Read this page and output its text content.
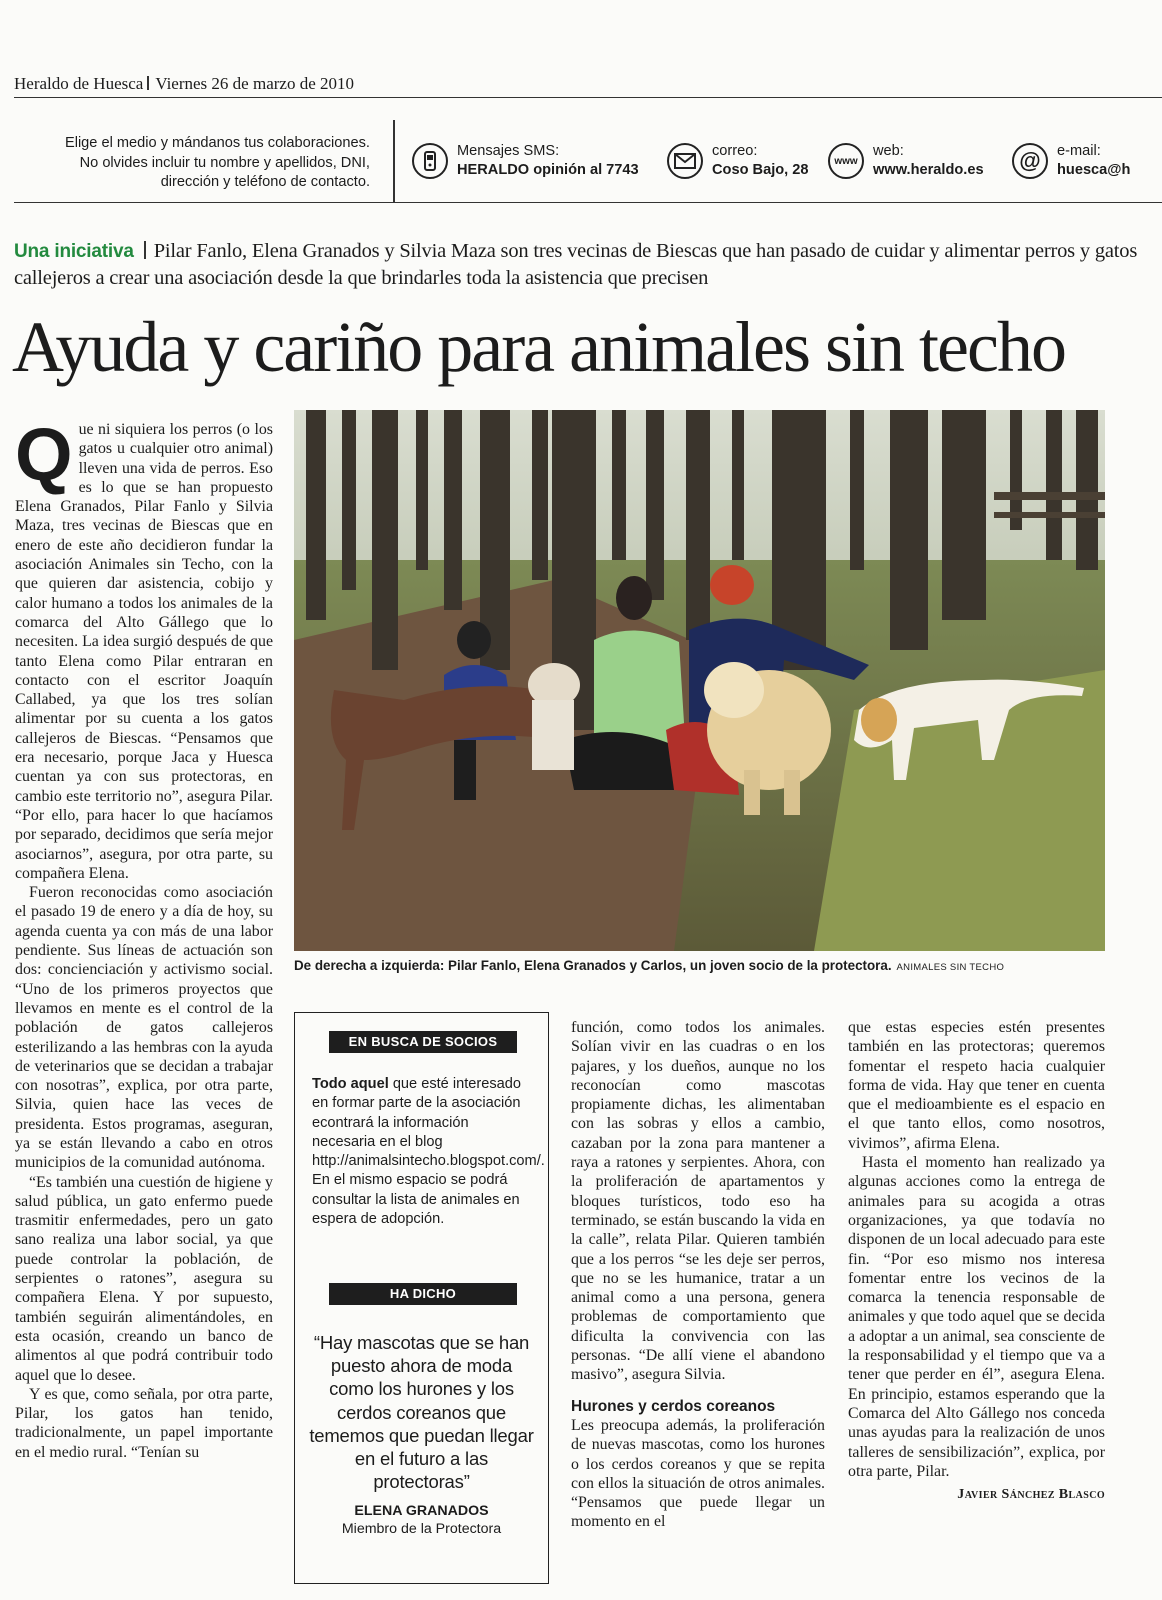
Heraldo de Huesca Viernes 26 de marzo de 2010
Elige el medio y mándanos tus colaboraciones.
No olvides incluir tu nombre y apellidos, DNI,
dirección y teléfono de contacto.
Mensajes SMS:
HERALDO opinión al 7743
correo:
Coso Bajo, 28
www
web:
www.heraldo.es	@	e-mail:
huesca@h
Una iniciativa Pilar Fanlo, Elena Granados y Silvia Maza son tres vecinas de Biescas que han pasado de cuidar y alimentar perros y gatos callejeros a crear una asociación desde la que brindarles toda la asistencia que precisen
Ayuda y cariño para animales sin techo

Que ni siquiera los perros (o los gatos u cualquier otro animal) lleven una vida de perros. Eso es lo que se han propuesto Elena Granados, Pilar Fanlo y Silvia Maza, tres vecinas de Biescas que en enero de este año decidieron fundar la asociación Animales sin Techo, con la que quieren dar asistencia, cobijo y calor humano a todos los animales de la comarca del Alto Gállego que lo necesiten. La idea surgió después de que tanto Elena como Pilar entraran en contacto con el escritor Joaquín Callabed, ya que los tres solían alimentar por su cuenta a los gatos callejeros de Biescas. “Pensamos que era necesario, porque Jaca y Huesca cuentan ya con sus protectoras, en cambio este territorio no”, asegura Pilar. “Por ello, para hacer lo que hacíamos por separado, decidimos que sería mejor asociarnos”, asegura, por otra parte, su compañera Elena.

Fueron reconocidas como asociación el pasado 19 de enero y a día de hoy, su agenda cuenta ya con más de una labor pendiente. Sus líneas de actuación son dos: concienciación y activismo social. “Uno de los primeros proyectos que llevamos en mente es el control de la población de gatos callejeros esterilizando a las hembras con la ayuda de veterinarios que se decidan a trabajar con nosotras”, explica, por otra parte, Silvia, quien hace las veces de presidenta. Estos programas, aseguran, ya se están llevando a cabo en otros municipios de la comunidad autónoma.

“Es también una cuestión de higiene y salud pública, un gato enfermo puede trasmitir enfermedades, pero un gato sano realiza una labor social, ya que puede controlar la población, de serpientes o ratones”, asegura su compañera Elena. Y por supuesto, también seguirán alimentándoles, en esta ocasión, creando un banco de alimentos al que podrá contribuir todo aquel que lo desee.

Y es que, como señala, por otra parte, Pilar, los gatos han tenido, tradicionalmente, un papel importante en el medio rural. “Tenían su

De derecha a izquierda: Pilar Fanlo, Elena Granados y Carlos, un joven socio de la protectora. ANIMALES SIN TECHO
EN BUSCA DE SOCIOS
Todo aquel que esté interesado en formar parte de la asociación econtrará la información necesaria en el blog http://animalsintecho.blogspot.com/. En el mismo espacio se podrá consultar la lista de animales en espera de adopción.
HA DICHO
“Hay mascotas que se han puesto ahora de moda como los hurones y los cerdos coreanos que tememos que puedan llegar en el futuro a las protectoras”
ELENA GRANADOS
Miembro de la Protectora

función, como todos los animales. Solían vivir en las cuadras o en los pajares, y los dueños, aunque no los reconocían como mascotas propiamente dichas, les alimentaban con las sobras y ellos a cambio, cazaban por la zona para mantener a raya a ratones y serpientes. Ahora, con la proliferación de apartamentos y bloques turísticos, todo eso ha terminado, se están buscando la vida en la calle”, relata Pilar. Quieren también que a los perros “se les deje ser perros, que no se les humanice, tratar a un animal como a una persona, genera problemas de comportamiento que dificulta la convivencia con las personas. “De allí viene el abandono masivo”, asegura Silvia.

Hurones y cerdos coreanos

Les preocupa además, la proliferación de nuevas mascotas, como los hurones o los cerdos coreanos y que se repita con ellos la situación de otros animales. “Pensamos que puede llegar un momento en el

que estas especies estén presentes también en las protectoras; queremos fomentar el respeto hacia cualquier forma de vida. Hay que tener en cuenta que el medioambiente es el espacio en el que tanto ellos, como nosotros, vivimos”, afirma Elena.

Hasta el momento han realizado ya algunas acciones como la entrega de animales para su acogida a otras organizaciones, ya que todavía no disponen de un local adecuado para este fin. “Por eso mismo nos interesa fomentar entre los vecinos de la comarca la tenencia responsable de animales y que todo aquel que se decida a adoptar a un animal, sea consciente de la responsabilidad y el tiempo que va a tener que perder en él”, asegura Elena. En principio, estamos esperando que la Comarca del Alto Gállego nos conceda unas ayudas para la realización de unos talleres de sensibilización”, explica, por otra parte, Pilar.

Javier Sánchez Blasco
